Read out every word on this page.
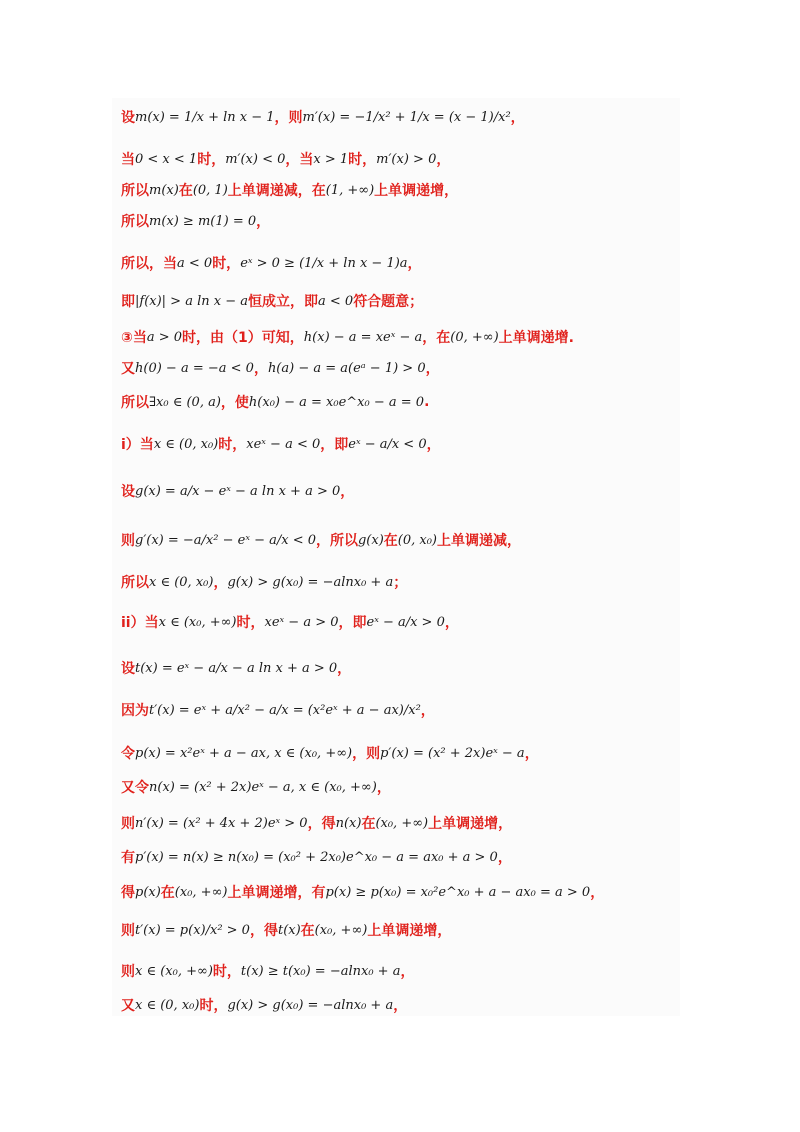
设 m(x) = 1/x + ln x − 1 ，则 m′(x) = −1/x² + 1/x = (x − 1)/x² ，
当 0 < x < 1 时， m′(x) < 0 ，当 x > 1 时， m′(x) > 0 ，
所以 m(x) 在 (0, 1) 上单调递减，在 (1, +∞) 上单调递增，
所以 m(x) ≥ m(1) = 0 ，
所以，当 a < 0 时， eˣ > 0 ≥ (1/x + ln x − 1)a ，
即 |f(x)| > a ln x − a 恒成立，即 a < 0 符合题意；
③当 a > 0 时，由（1）可知， h(x) − a = xeˣ − a ，在 (0, +∞) 上单调递增.
又 h(0) − a = −a < 0 ， h(a) − a = a(eᵃ − 1) > 0 ，
所以 ∃x₀ ∈ (0, a) ，使 h(x₀) − a = x₀e^x₀ − a = 0 .
i）当 x ∈ (0, x₀) 时， xeˣ − a < 0 ，即 eˣ − a/x < 0 ，
设 g(x) = a/x − eˣ − a ln x + a > 0 ，
则 g′(x) = −a/x² − eˣ − a/x < 0 ，所以 g(x) 在 (0, x₀) 上单调递减，
所以 x ∈ (0, x₀) ， g(x) > g(x₀) = −alnx₀ + a ；
ii）当 x ∈ (x₀, +∞) 时， xeˣ − a > 0 ，即 eˣ − a/x > 0 ，
设 t(x) = eˣ − a/x − a ln x + a > 0 ，
因为 t′(x) = eˣ + a/x² − a/x = (x²eˣ + a − ax)/x² ，
令 p(x) = x²eˣ + a − ax, x ∈ (x₀, +∞) ，则 p′(x) = (x² + 2x)eˣ − a ，
又令 n(x) = (x² + 2x)eˣ − a, x ∈ (x₀, +∞) ，
则 n′(x) = (x² + 4x + 2)eˣ > 0 ，得 n(x) 在 (x₀, +∞) 上单调递增，
有 p′(x) = n(x) ≥ n(x₀) = (x₀² + 2x₀)e^x₀ − a = ax₀ + a > 0 ，
得 p(x) 在 (x₀, +∞) 上单调递增，有 p(x) ≥ p(x₀) = x₀²e^x₀ + a − ax₀ = a > 0 ，
则 t′(x) = p(x)/x² > 0 ，得 t(x) 在 (x₀, +∞) 上单调递增，
则 x ∈ (x₀, +∞) 时， t(x) ≥ t(x₀) = −alnx₀ + a ，
又 x ∈ (0, x₀) 时， g(x) > g(x₀) = −alnx₀ + a ，
